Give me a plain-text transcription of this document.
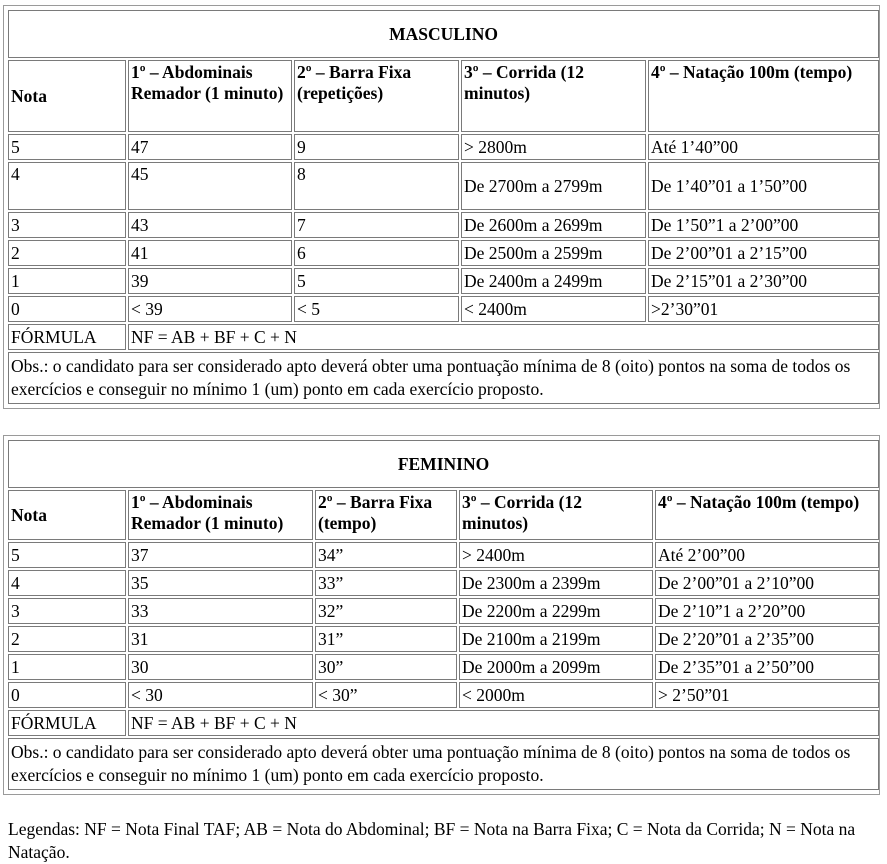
MASCULINO				
Nota	1º – Abdominais Remador (1 minuto)	2º – Barra Fixa (repetições)	3º – Corrida (12 minutos)	4º – Natação 100m (tempo)
5	47	9	> 2800m	Até 1’40”00
4	45	8	De 2700m a 2799m	De 1’40”01 a 1’50”00
3	43	7	De 2600m a 2699m	De 1’50”1 a 2’00”00
2	41	6	De 2500m a 2599m	De 2’00”01 a 2’15”00
1	39	5	De 2400m a 2499m	De 2’15”01 a 2’30”00
0	< 39	< 5	< 2400m	>2’30”01
FÓRMULA	NF = AB + BF + C + N			
Obs.: o candidato para ser considerado apto deverá obter uma pontuação mínima de 8 (oito) pontos na soma de todos os exercícios e conseguir no mínimo 1 (um) ponto em cada exercício proposto.				
FEMININO				
Nota	1º – Abdominais Remador (1 minuto)	2º – Barra Fixa (tempo)	3º – Corrida (12 minutos)	4º – Natação 100m (tempo)
5	37	34”	> 2400m	Até 2’00”00
4	35	33”	De 2300m a 2399m	De 2’00”01 a 2’10”00
3	33	32”	De 2200m a 2299m	De 2’10”1 a 2’20”00
2	31	31”	De 2100m a 2199m	De 2’20”01 a 2’35”00
1	30	30”	De 2000m a 2099m	De 2’35”01 a 2’50”00
0	< 30	< 30”	< 2000m	> 2’50”01
FÓRMULA	NF = AB + BF + C + N			
Obs.: o candidato para ser considerado apto deverá obter uma pontuação mínima de 8 (oito) pontos na soma de todos os exercícios e conseguir no mínimo 1 (um) ponto em cada exercício proposto.				
Legendas: NF = Nota Final TAF; AB = Nota do Abdominal; BF = Nota na Barra Fixa; C = Nota da Corrida; N = Nota na Natação.
